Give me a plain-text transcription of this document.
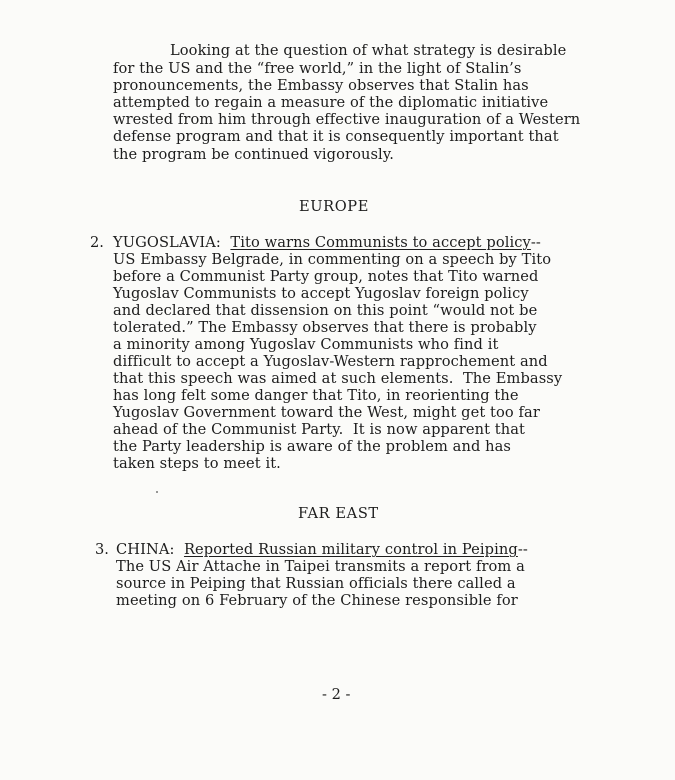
Looking at the question of what strategy is desirable
for the US and the “free world,” in the light of Stalin’s
pronouncements, the Embassy observes that Stalin has
attempted to regain a measure of the diplomatic initiative
wrested from him through effective inauguration of a Western
defense program and that it is consequently important that
the program be continued vigorously.
EUROPE
2. YUGOSLAVIA: Tito warns Communists to accept policy--
US Embassy Belgrade, in commenting on a speech by Tito
before a Communist Party group, notes that Tito warned
Yugoslav Communists to accept Yugoslav foreign policy
and declared that dissension on this point “would not be
tolerated.” The Embassy observes that there is probably
a minority among Yugoslav Communists who find it
difficult to accept a Yugoslav-Western rapprochement and
that this speech was aimed at such elements.  The Embassy
has long felt some danger that Tito, in reorienting the
Yugoslav Government toward the West, might get too far
ahead of the Communist Party.  It is now apparent that
the Party leadership is aware of the problem and has
taken steps to meet it.
FAR EAST
3. CHINA: Reported Russian military control in Peiping--
The US Air Attache in Taipei transmits a report from a
source in Peiping that Russian officials there called a
meeting on 6 February of the Chinese responsible for
- 2 -
